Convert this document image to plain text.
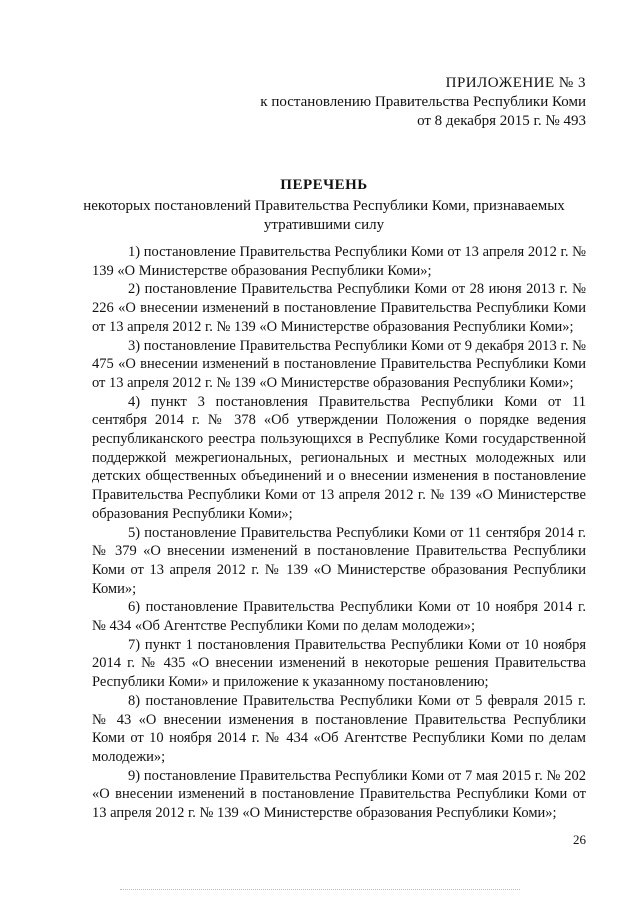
ПРИЛОЖЕНИЕ № 3
к постановлению Правительства Республики Коми
от 8 декабря 2015 г. № 493
ПЕРЕЧЕНЬ
некоторых постановлений Правительства Республики Коми, признаваемых утратившими силу

1) постановление Правительства Республики Коми от 13 апреля 2012 г. № 139 «О Министерстве образования Республики Коми»;

2) постановление Правительства Республики Коми от 28 июня 2013 г. № 226 «О внесении изменений в постановление Правительства Республики Коми от 13 апреля 2012 г. № 139 «О Министерстве образования Республики Коми»;

3) постановление Правительства Республики Коми от 9 декабря 2013 г. № 475 «О внесении изменений в постановление Правительства Республики Коми от 13 апреля 2012 г. № 139 «О Министерстве образования Республики Коми»;

4) пункт 3 постановления Правительства Республики Коми от 11 сентября 2014 г. № 378 «Об утверждении Положения о порядке ведения республиканского реестра пользующихся в Республике Коми государственной поддержкой межрегиональных, региональных и местных молодежных или детских общественных объединений и о внесении изменения в постановление Правительства Республики Коми от 13 апреля 2012 г. № 139 «О Министерстве образования Республики Коми»;

5) постановление Правительства Республики Коми от 11 сентября 2014 г. № 379 «О внесении изменений в постановление Правительства Республики Коми от 13 апреля 2012 г. № 139 «О Министерстве образования Республики Коми»;

6) постановление Правительства Республики Коми от 10 ноября 2014 г. № 434 «Об Агентстве Республики Коми по делам молодежи»;

7) пункт 1 постановления Правительства Республики Коми от 10 ноября 2014 г. № 435 «О внесении изменений в некоторые решения Правительства Республики Коми» и приложение к указанному постановлению;

8) постановление Правительства Республики Коми от 5 февраля 2015 г. № 43 «О внесении изменения в постановление Правительства Республики Коми от 10 ноября 2014 г. № 434 «Об Агентстве Республики Коми по делам молодежи»;

9) постановление Правительства Республики Коми от 7 мая 2015 г. № 202 «О внесении изменений в постановление Правительства Республики Коми от 13 апреля 2012 г. № 139 «О Министерстве образования Республики Коми»;

26
